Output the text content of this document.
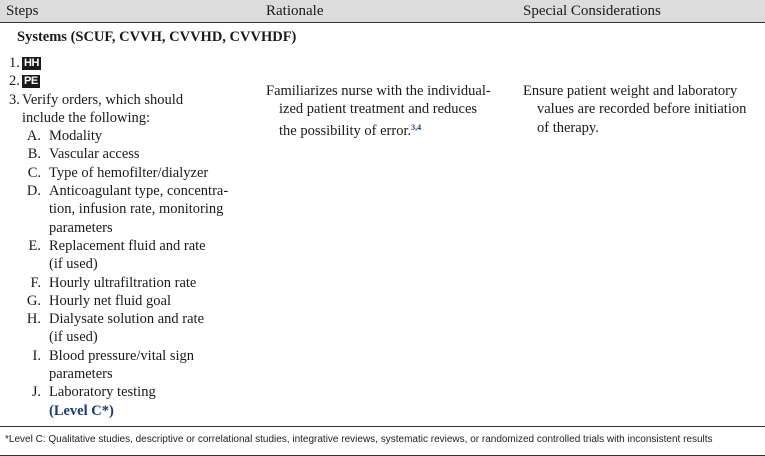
Steps	Rationale	Special Considerations
Systems (SCUF, CVVH, CVVHD, CVVHDF)
1. HH
2. PE
3. Verify orders, which should
include the following:
A. Modality
B. Vascular access
C. Type of hemofilter/dialyzer
D. Anticoagulant type, concentra-
tion, infusion rate, monitoring
parameters
E. Replacement fluid and rate
(if used)
F. Hourly ultrafiltration rate
G. Hourly net fluid goal
H. Dialysate solution and rate
(if used)
I. Blood pressure/vital sign
parameters
J. Laboratory testing
(Level C*)
Familiarizes nurse with the individual-
ized patient treatment and reduces
the possibility of error.$^{3,4}$
Ensure patient weight and laboratory
values are recorded before initiation
of therapy.
*Level C: Qualitative studies, descriptive or correlational studies, integrative reviews, systematic reviews, or randomized controlled trials with inconsistent results
